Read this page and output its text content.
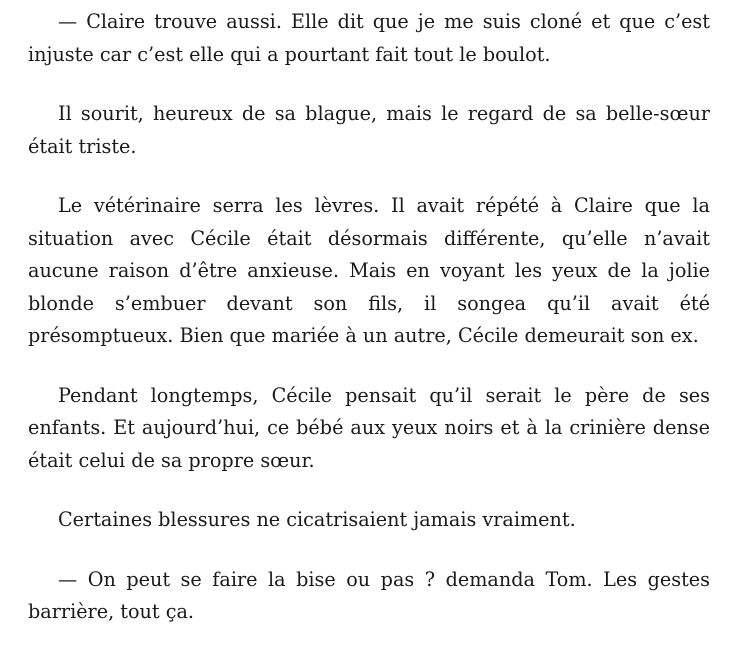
— Claire trouve aussi. Elle dit que je me suis cloné et que c’est injuste car c’est elle qui a pourtant fait tout le boulot.

Il sourit, heureux de sa blague, mais le regard de sa belle-sœur était triste.

Le vétérinaire serra les lèvres. Il avait répété à Claire que la situation avec Cécile était désormais différente, qu’elle n’avait aucune raison d’être anxieuse. Mais en voyant les yeux de la jolie blonde s’embuer devant son fils, il songea qu’il avait été présomptueux. Bien que mariée à un autre, Cécile demeurait son ex.

Pendant longtemps, Cécile pensait qu’il serait le père de ses enfants. Et aujourd’hui, ce bébé aux yeux noirs et à la crinière dense était celui de sa propre sœur.

Certaines blessures ne cicatrisaient jamais vraiment.

— On peut se faire la bise ou pas ? demanda Tom. Les gestes barrière, tout ça.
